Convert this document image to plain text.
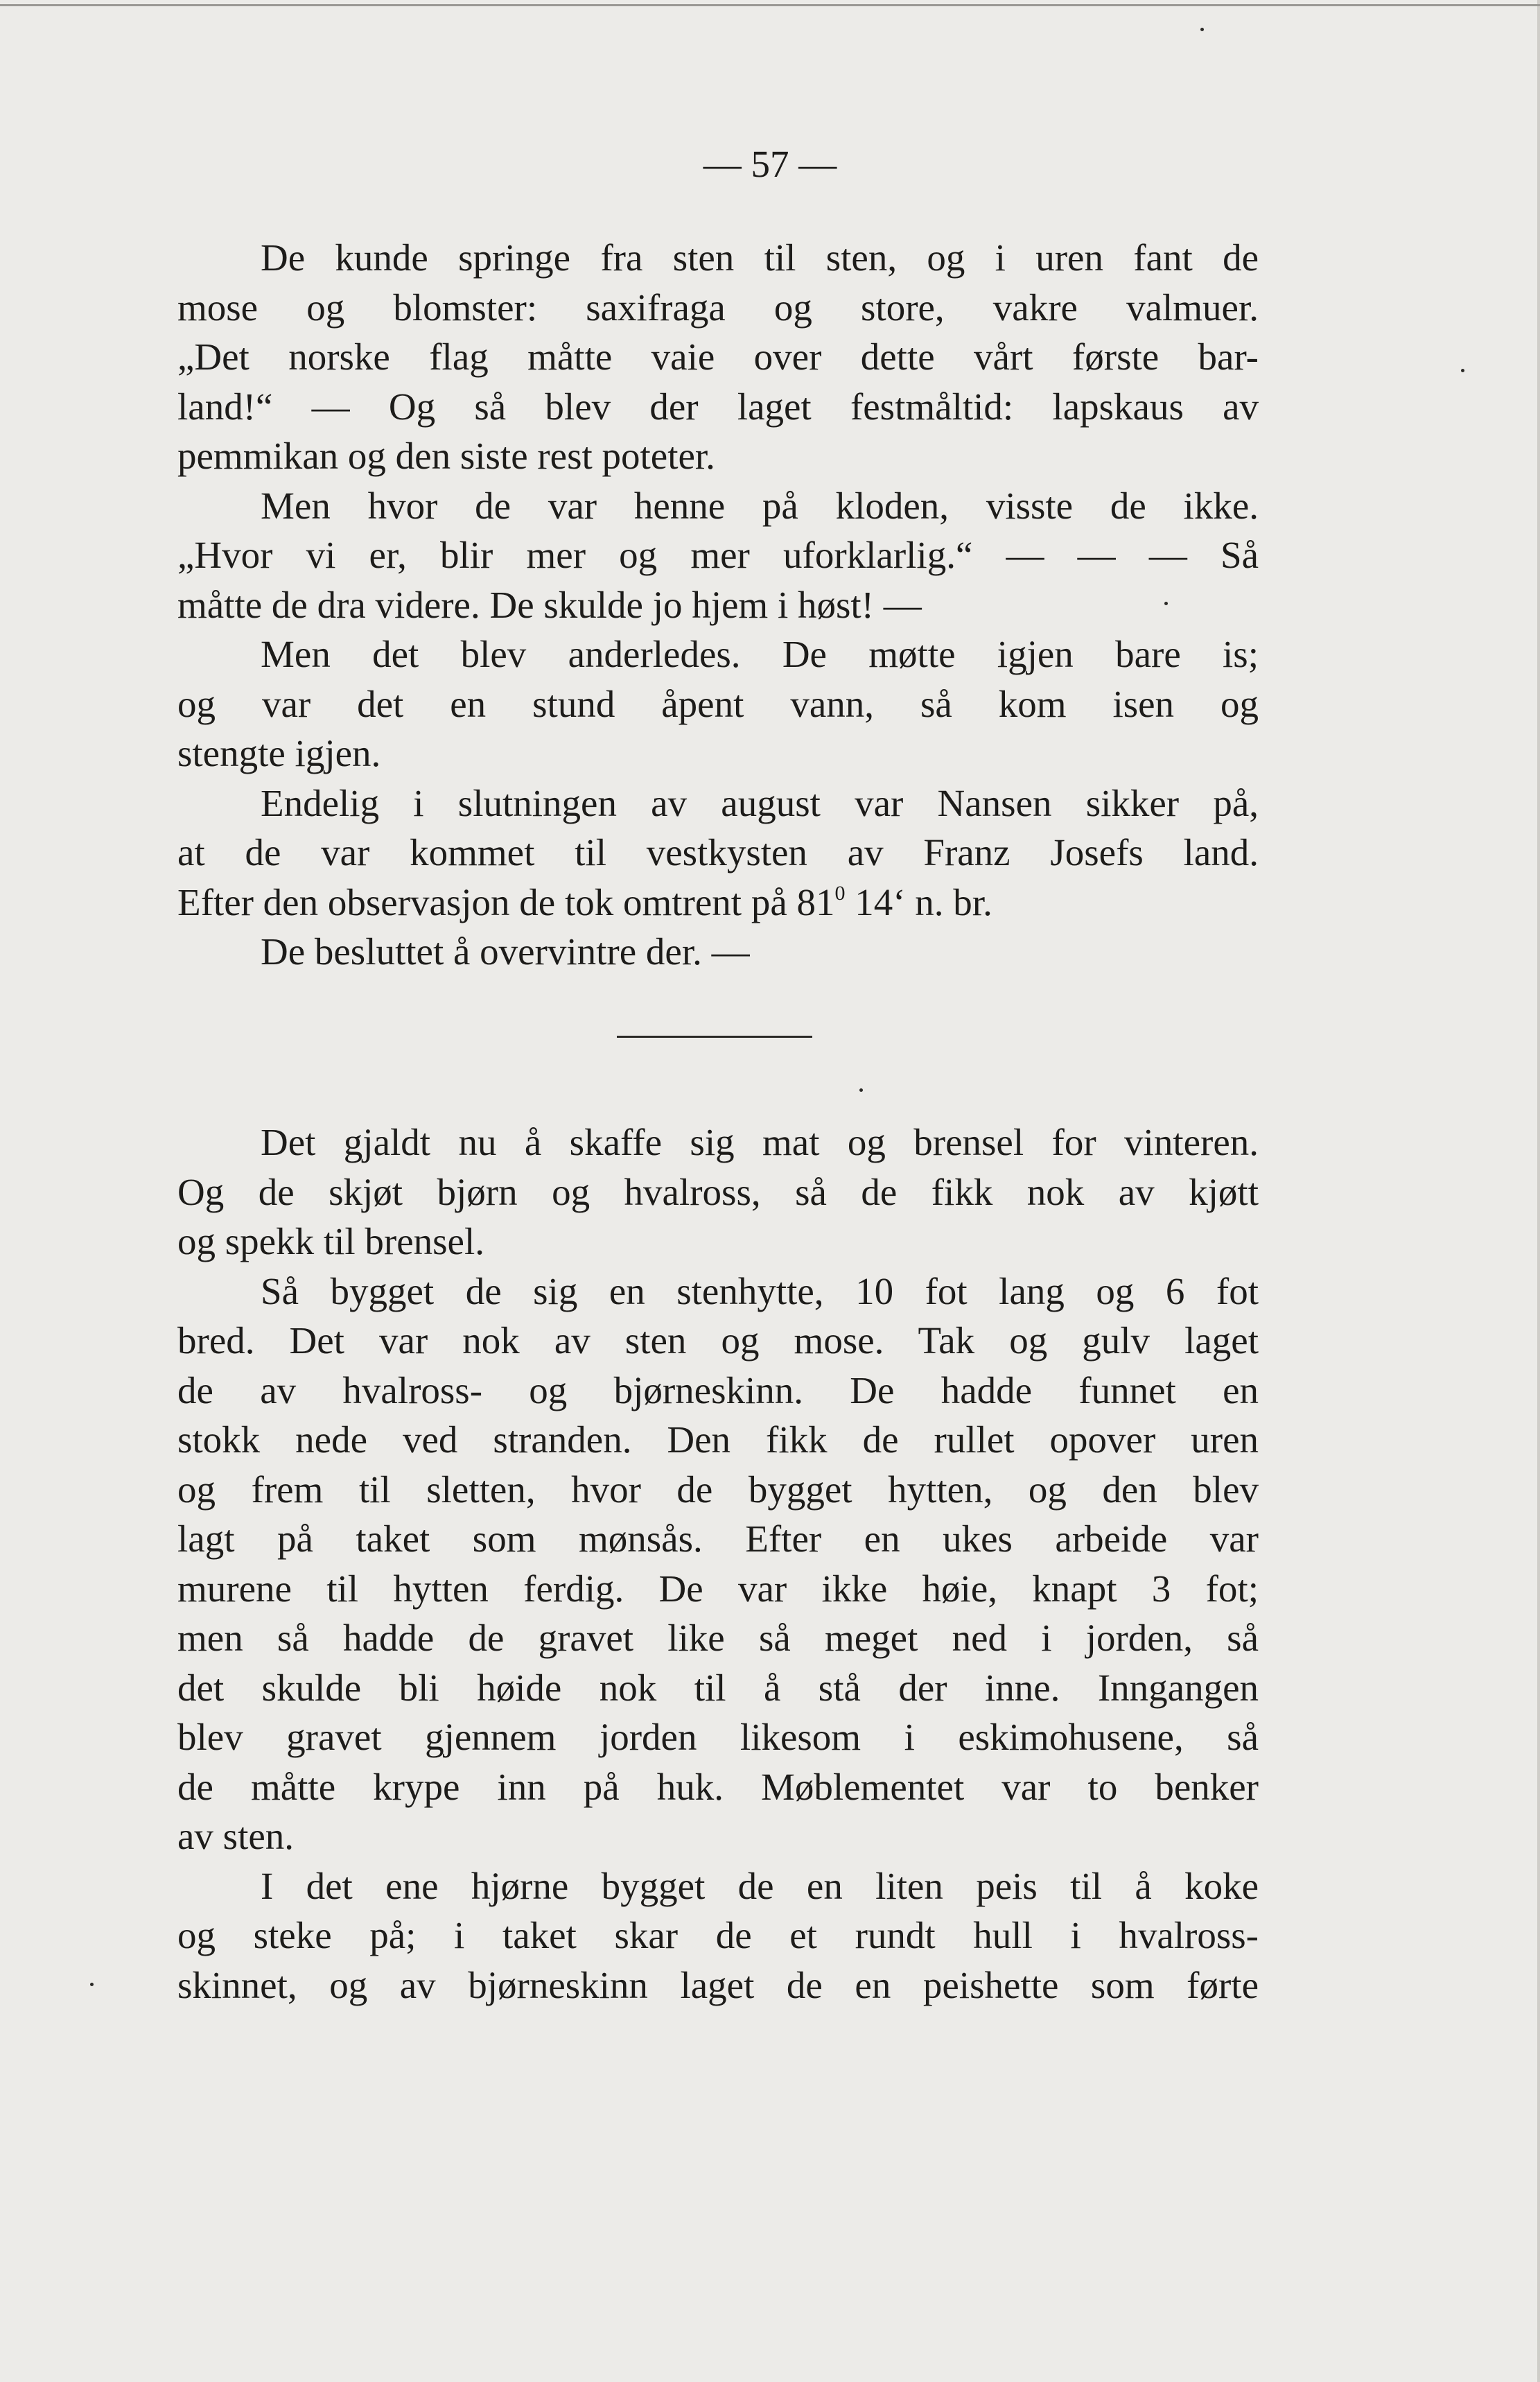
— 57 —
De kunde springe fra sten til sten, og i uren fant de
mose og blomster: saxifraga og store, vakre valmuer.
„Det norske flag måtte vaie over dette vårt første bar-
land!“ — Og så blev der laget festmåltid: lapskaus av
pemmikan og den siste rest poteter.
Men hvor de var henne på kloden, visste de ikke.
„Hvor vi er, blir mer og mer uforklarlig.“ — — — Så
måtte de dra videre. De skulde jo hjem i høst! —
Men det blev anderledes. De møtte igjen bare is;
og var det en stund åpent vann, så kom isen og
stengte igjen.
Endelig i slutningen av august var Nansen sikker på,
at de var kommet til vestkysten av Franz Josefs land.
Efter den observasjon de tok omtrent på $81^0$ 14‘ n. br.
De besluttet å overvintre der. —
Det gjaldt nu å skaffe sig mat og brensel for vinteren.
Og de skjøt bjørn og hvalross, så de fikk nok av kjøtt
og spekk til brensel.
Så bygget de sig en stenhytte, 10 fot lang og 6 fot
bred. Det var nok av sten og mose. Tak og gulv laget
de av hvalross- og bjørneskinn. De hadde funnet en
stokk nede ved stranden. Den fikk de rullet opover uren
og frem til sletten, hvor de bygget hytten, og den blev
lagt på taket som mønsås. Efter en ukes arbeide var
murene til hytten ferdig. De var ikke høie, knapt 3 fot;
men så hadde de gravet like så meget ned i jorden, så
det skulde bli høide nok til å stå der inne. Inngangen
blev gravet gjennem jorden likesom i eskimohusene, så
de måtte krype inn på huk. Møblementet var to benker
av sten.
I det ene hjørne bygget de en liten peis til å koke
og steke på; i taket skar de et rundt hull i hvalross-
skinnet, og av bjørneskinn laget de en peishette som førte
